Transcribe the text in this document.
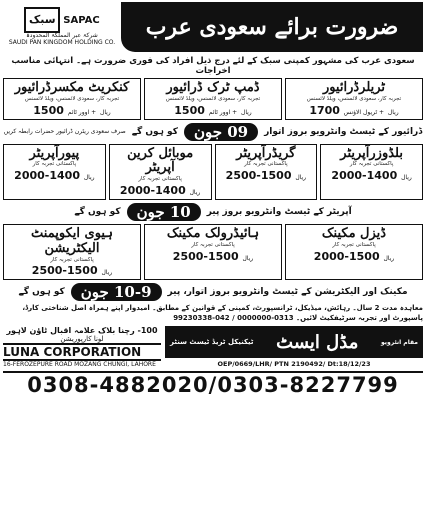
ضرورت برائے سعودی عرب
سبک SAPAC
شرکۃ عبر المملکۃ المحدودۃ
SAUDI PAN KINGDOM HOLDING CO.
سعودی عرب کی مشہور کمپنی سبک کے لئے درج ذیل افراد کی فوری ضرورت ہے۔ انتہائی مناسب اخراجات
ٹریلرڈرائیور
تجربہ کار، سعودی لائسنس، ویلڈ لائسنس
1700	ریال + ٹریول الاؤنس
ڈمپ ٹرک ڈرائیور
تجربہ کار، سعودی لائسنس، ویلڈ لائسنس
1500	ریال + اوور ٹائم
کنکریٹ مکسرڈرائیور
تجربہ کار، سعودی لائسنس، ویلڈ لائسنس
1500	ریال + اوور ٹائم
ڈرائیور کے ٹیسٹ وانٹرویو بروز اتوار
09 جون
کو ہوں گے
صرف سعودی ریٹرن ڈرائیور حضرات رابطہ کریں
بلڈوزرآپریٹر
پاکستانی تجربہ کار
2000-1400 ریال
گریڈرآپریٹر
پاکستانی تجربہ کار
2500-1500 ریال
موبائل کرین آپریٹر
پاکستانی تجربہ کار
2000-1400 ریال
پیورآپریٹر
پاکستانی تجربہ کار
2000-1400 ریال
آپریٹر کے ٹیسٹ وانٹرویو بروز پیر
10 جون
کو ہوں گے
ڈیزل مکینک
پاکستانی تجربہ کار
2000-1500 ریال
ہائیڈرولک مکینک
پاکستانی تجربہ کار
2500-1500 ریال
ہیوی ایکوپمنٹ الیکٹریشن
پاکستانی تجربہ کار
2500-1500 ریال
مکینک اور الیکٹریشن کے ٹیسٹ وانٹرویو بروز اتوار، پیر
10-9 جون
کو ہوں گے
معاہدہ مدت 2 سال۔ رہائش، میڈیکل، ٹرانسپورٹ، کمپنی کے قوانین کے مطابق۔ امیدوار اپنے ہمراہ اصل شناختی کارڈ، پاسپورٹ اور تجربہ سرٹیفکیٹ لائیں۔ 0313-0000000 / 042-99230338
100- رچنا بلاک علامہ اقبال ٹاؤن لاہور
لونا کارپوریشن
LUNA CORPORATION
16-FEROZEPURE ROAD MOZANG CHUNGI, LAHORE
مقام انٹرویو
مڈل ایسٹ
ٹیکنیکل ٹریڈ ٹیسٹ سنٹر
OEP/0669/LHR/ PTN 2190492/ Dt:18/12/23
0308-4882020/0303-8227799
